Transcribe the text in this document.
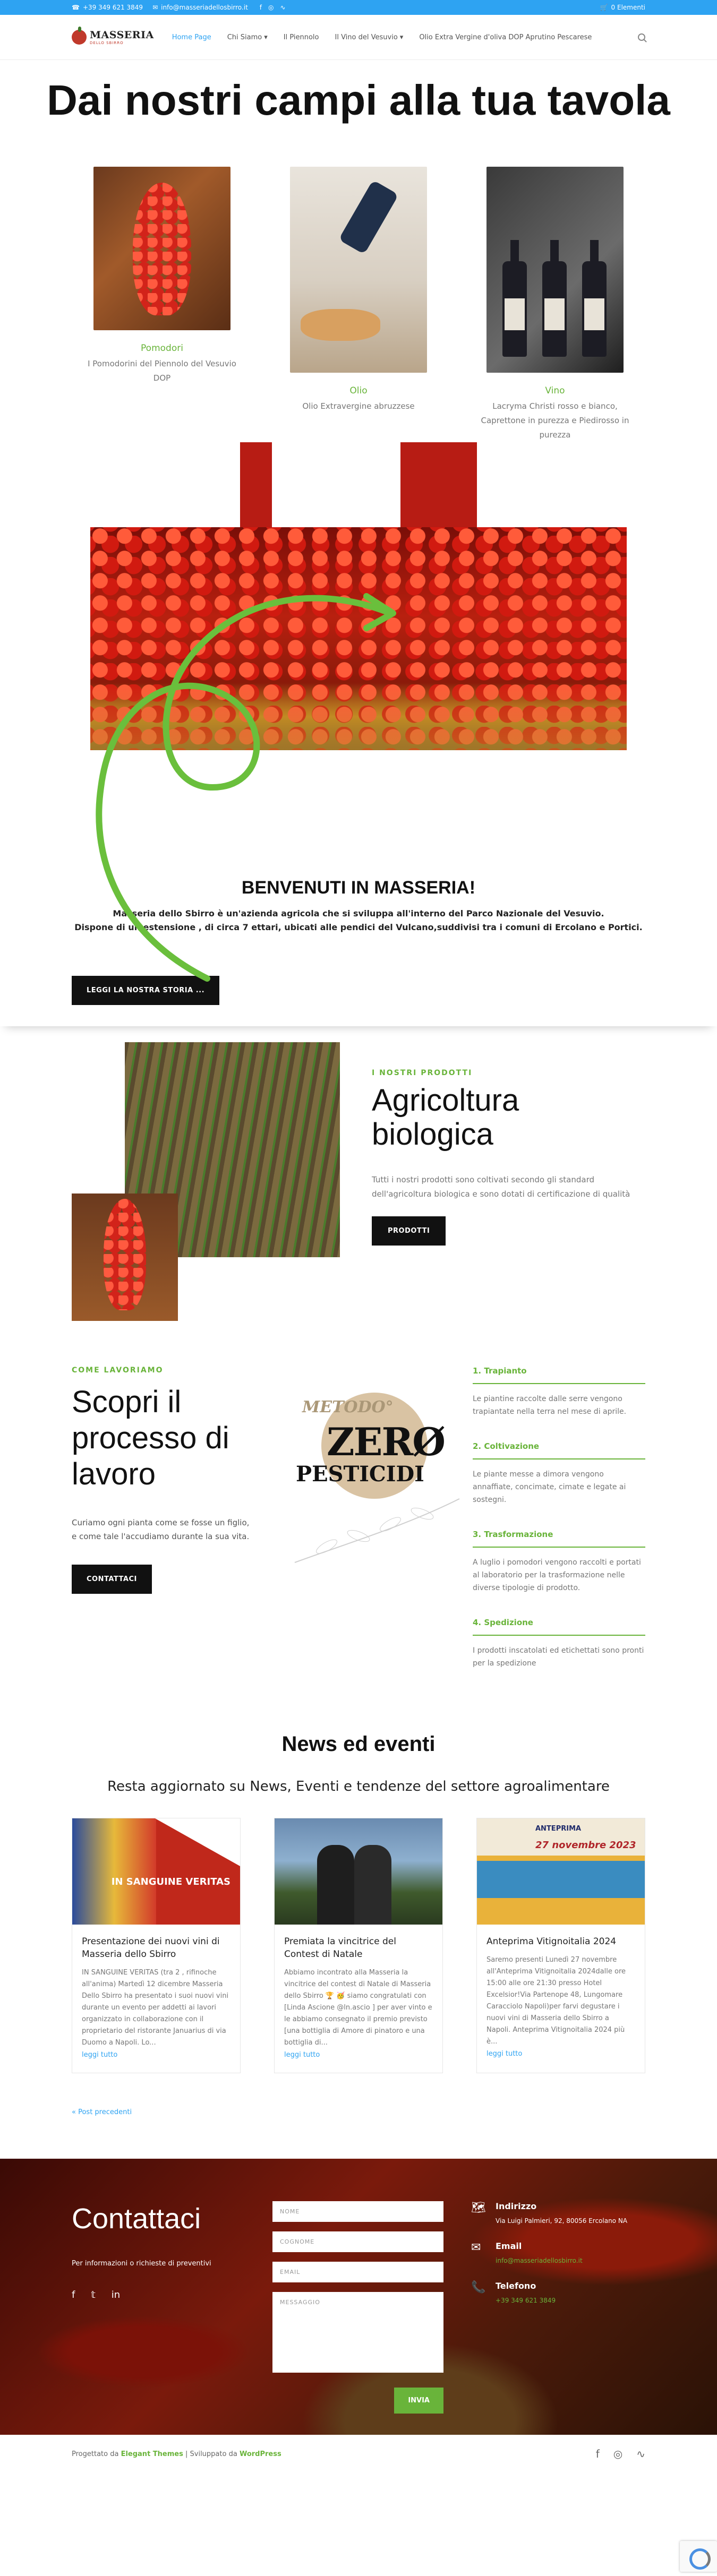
☎ +39 349 621 3849 ✉ info@masseriadellosbirro.it f ◎ ∿	🛒 0 Elementi
MASSERIA
DELLO SBIRRO
Home Page Chi Siamo ▾ Il Piennolo Il Vino del Vesuvio ▾ Olio Extra Vergine d'oliva DOP Aprutino Pescarese
Dai nostri campi alla tua tavola
Pomodori
I Pomodorini del Piennolo del Vesuvio DOP
Olio
Olio Extravergine abruzzese
Vino
Lacryma Christi rosso e bianco, Caprettone in purezza e Piedirosso in purezza
BENVENUTI IN MASSERIA!

Masseria dello Sbirro è un'azienda agricola che si sviluppa all'interno del Parco Nazionale del Vesuvio.
Dispone di un estensione , di circa 7 ettari, ubicati alle pendici del Vulcano,suddivisi tra i comuni di Ercolano e Portici.

LEGGI LA NOSTRA STORIA ...
I NOSTRI PRODOTTI
Agricoltura biologica

Tutti i nostri prodotti sono coltivati secondo gli standard dell'agricoltura biologica e sono dotati di certificazione di qualità

PRODOTTI
COME LAVORIAMO
Scopri il processo di lavoro

Curiamo ogni pianta come se fosse un figlio, e come tale l'accudiamo durante la sua vita.

CONTATTACI
METODO°
ZERØ
PESTICIDI
1. Trapianto
Le piantine raccolte dalle serre vengono trapiantate nella terra nel mese di aprile.
2. Coltivazione
Le piante messe a dimora vengono annaffiate, concimate, cimate e legate ai sostegni.
3. Trasformazione
A luglio i pomodori vengono raccolti e portati al laboratorio per la trasformazione nelle diverse tipologie di prodotto.
4. Spedizione
I prodotti inscatolati ed etichettati sono pronti per la spedizione
News ed eventi
Resta aggiornato su News, Eventi e tendenze del settore agroalimentare
IN SANGUINE VERITAS
Presentazione dei nuovi vini di Masseria dello Sbirro
IN SANGUINE VERITAS (tra 2 , rifinoche all'anima) Martedì 12 dicembre Masseria Dello Sbirro ha presentato i suoi nuovi vini durante un evento per addetti ai lavori organizzato in collaborazione con il proprietario del ristorante Januarius di via Duomo a Napoli. Lo...
leggi tutto
Premiata la vincitrice del Contest di Natale
Abbiamo incontrato alla Masseria la vincitrice del contest di Natale di Masseria dello Sbirro 🏆 🥳 siamo congratulati con [Linda Ascione @ln.ascio ] per aver vinto e le abbiamo consegnato il premio previsto [una bottiglia di Amore di pinatoro e una bottiglia di...
leggi tutto
ANTEPRIMA
27 novembre 2023
Anteprima Vitignoitalia 2024
Saremo presenti Lunedì 27 novembre all'Anteprima Vitignoitalia 2024dalle ore 15:00 alle ore 21:30 presso Hotel Excelsior!Via Partenope 48, Lungomare Caracciolo Napoli)per farvi degustare i nuovi vini di Masseria dello Sbirro a Napoli. Anteprima Vitignoitalia 2024 più è...
leggi tutto
« Post precedenti
Contattaci
Per informazioni o richieste di preventivi
f 𝕥 in
NOME
COGNOME
EMAIL
MESSAGGIO
INVIA
🗺 Indirizzo
Via Luigi Palmieri, 92, 80056 Ercolano NA
✉	Email
info@masseriadellosbirro.it
📞 Telefono
+39 349 621 3849
Progettato da Elegant Themes | Sviluppato da WordPress	f ◎ ∿
